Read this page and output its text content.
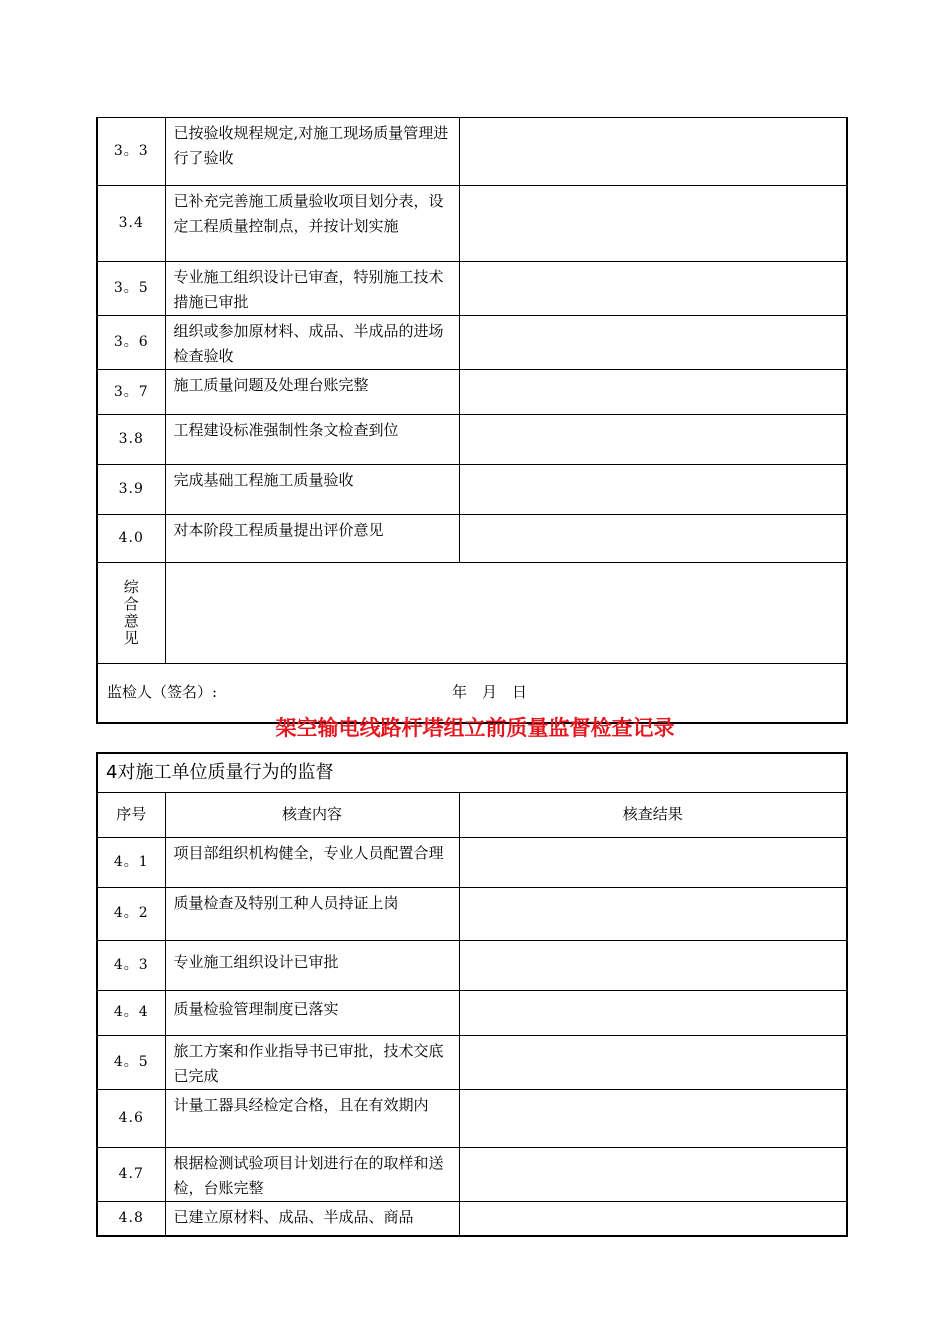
3。3	已按验收规程规定,对施工现场质量管理进行了验收	

3.4	已补充完善施工质量验收项目划分表，设定工程质量控制点，并按计划实施	

3。5	专业施工组织设计已审查，特别施工技术措施已审批	

3。6	组织或参加原材料、成品、半成品的进场检查验收	

3。7	施工质量问题及处理台账完整	

3.8	工程建设标准强制性条文检查到位	

3.9	完成基础工程施工质量验收	

4.0	对本阶段工程质量提出评价意见	

综合意见		

监检人（签名）: 年　月　日		
架空输电线路杆塔组立前质量监督检查记录
4对施工单位质量行为的监督		
序号	核查内容	核查结果
4。1	项目部组织机构健全，专业人员配置合理	

4。2	质量检查及特别工种人员持证上岗	

4。3	专业施工组织设计已审批	

4。4	质量检验管理制度已落实	

4。5	旅工方案和作业指导书已审批，技术交底已完成	

4.6	计量工器具经检定合格，且在有效期内	

4.7	根据检测试验项目计划进行在的取样和送检，台账完整	

4.8	已建立原材料、成品、半成品、商品	
